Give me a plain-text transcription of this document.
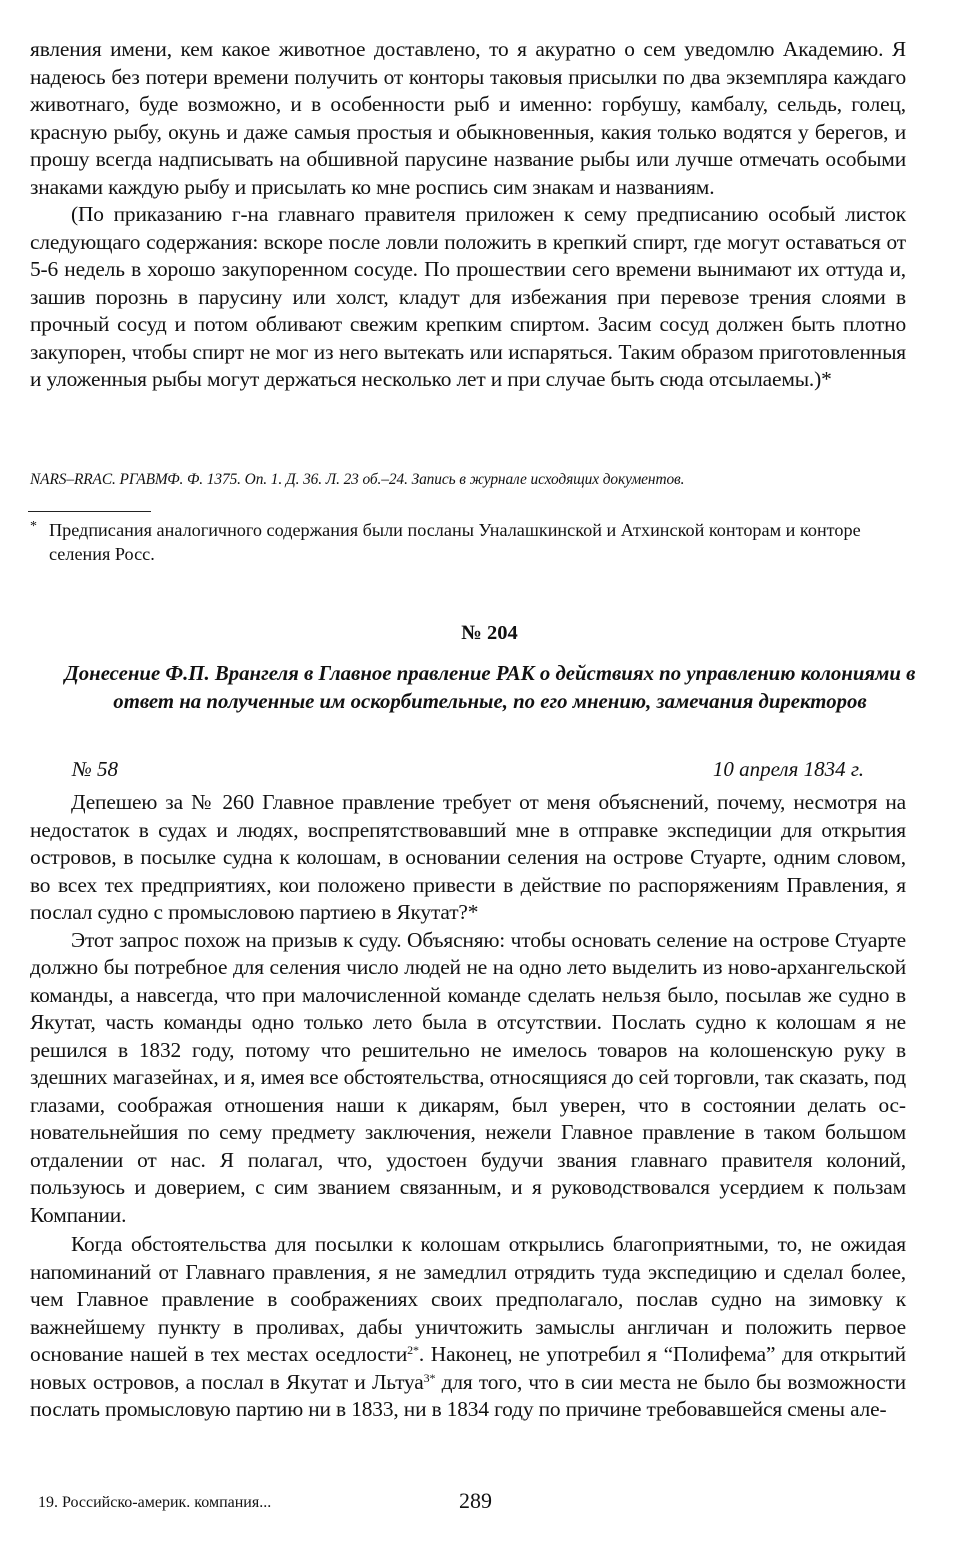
явления имени, кем какое животное доставлено, то я акуратно о сем уведомлю Академию. Я надеюсь без потери времени получить от конторы таковыя присылки по два экземпляра каждаго животнаго, буде возможно, и в особенности рыб и именно: горбушу, камбалу, сельдь, голец, красную рыбу, окунь и даже самыя простыя и обыкновенныя, какия только водятся у берегов, и прошу всегда надписывать на обшивной парусине название рыбы или лучше отмечать особыми знаками каждую рыбу и присылать ко мне роспись сим знакам и названиям.

(По приказанию г-на главнаго правителя приложен к сему предписанию особый листок следующаго содержания: вскоре после ловли положить в крепкий спирт, где могут оставаться от 5-6 недель в хорошо закупоренном сосуде. По прошествии сего времени вынимают их оттуда и, зашив порознь в парусину или холст, кладут для избежания при перевозе трения слоями в прочный сосуд и потом обливают свежим крепким спиртом. Засим сосуд должен быть плотно закупорен, чтобы спирт не мог из него вытекать или испаряться. Таким образом приготовленныя и уложенныя рыбы могут держаться несколько лет и при случае быть сюда отсылаемы.)*

NARS–RRAC. РГАВМФ. Ф. 1375. Оп. 1. Д. 36. Л. 23 об.–24. Запись в журнале исходящих документов.

* Предписания аналогичного содержания были посланы Уналашкинской и Атхинской конторам и конторе селения Росс.
№ 204
Донесение Ф.П. Врангеля в Главное правление РАК о действиях по управлению колониями в ответ на полученные им оскорбительные, по его мнению, замечания директоров
№ 58	10 апреля 1834 г.

Депешею за № 260 Главное правление требует от меня объяснений, почему, несмотря на недостаток в судах и людях, воспрепятствовавший мне в отправке экспедиции для открытия островов, в посылке судна к колошам, в основании селения на острове Стуарте, одним словом, во всех тех предприятиях, кои положено привести в действие по распоряжениям Правления, я послал судно с промысловою партиею в Якутат?*

Этот запрос похож на призыв к суду. Объясняю: чтобы основать селение на острове Стуарте должно бы потребное для селения число людей не на одно лето выделить из ново-архангельской команды, а навсегда, что при малочисленной команде сделать нельзя было, посылав же судно в Якутат, часть команды одно только лето была в отсутствии. Послать судно к колошам я не решился в 1832 году, потому что решительно не имелось товаров на колошенскую руку в здешних магазейнах, и я, имея все обстоятельства, относящияся до сей торговли, так сказать, под глазами, соображая отношения наши к дикарям, был уверен, что в состоянии делать основательнейшия по сему предмету заключения, нежели Главное правление в таком большом отдалении от нас. Я полагал, что, удостоен будучи звания главнаго правителя колоний, пользуюсь и доверием, с сим званием связанным, и я руководствовался усердием к пользам Компании.

Когда обстоятельства для посылки к колошам открылись благоприятными, то, не ожидая напоминаний от Главнаго правления, я не замедлил отрядить туда экспедицию и сделал более, чем Главное правление в соображениях своих предполагало, послав судно на зимовку к важнейшему пункту в проливах, дабы уничтожить замыслы англичан и положить первое основание нашей в тех местах оседлости$^{2*}$. Наконец, не употребил я “Полифема” для открытий новых островов, а послал в Якутат и Льтуа$^{3*}$ для того, что в сии места не было бы возможности послать промысловую партию ни в 1833, ни в 1834 году по причине требовавшейся смены але-

19. Российско-америк. компания...	289
